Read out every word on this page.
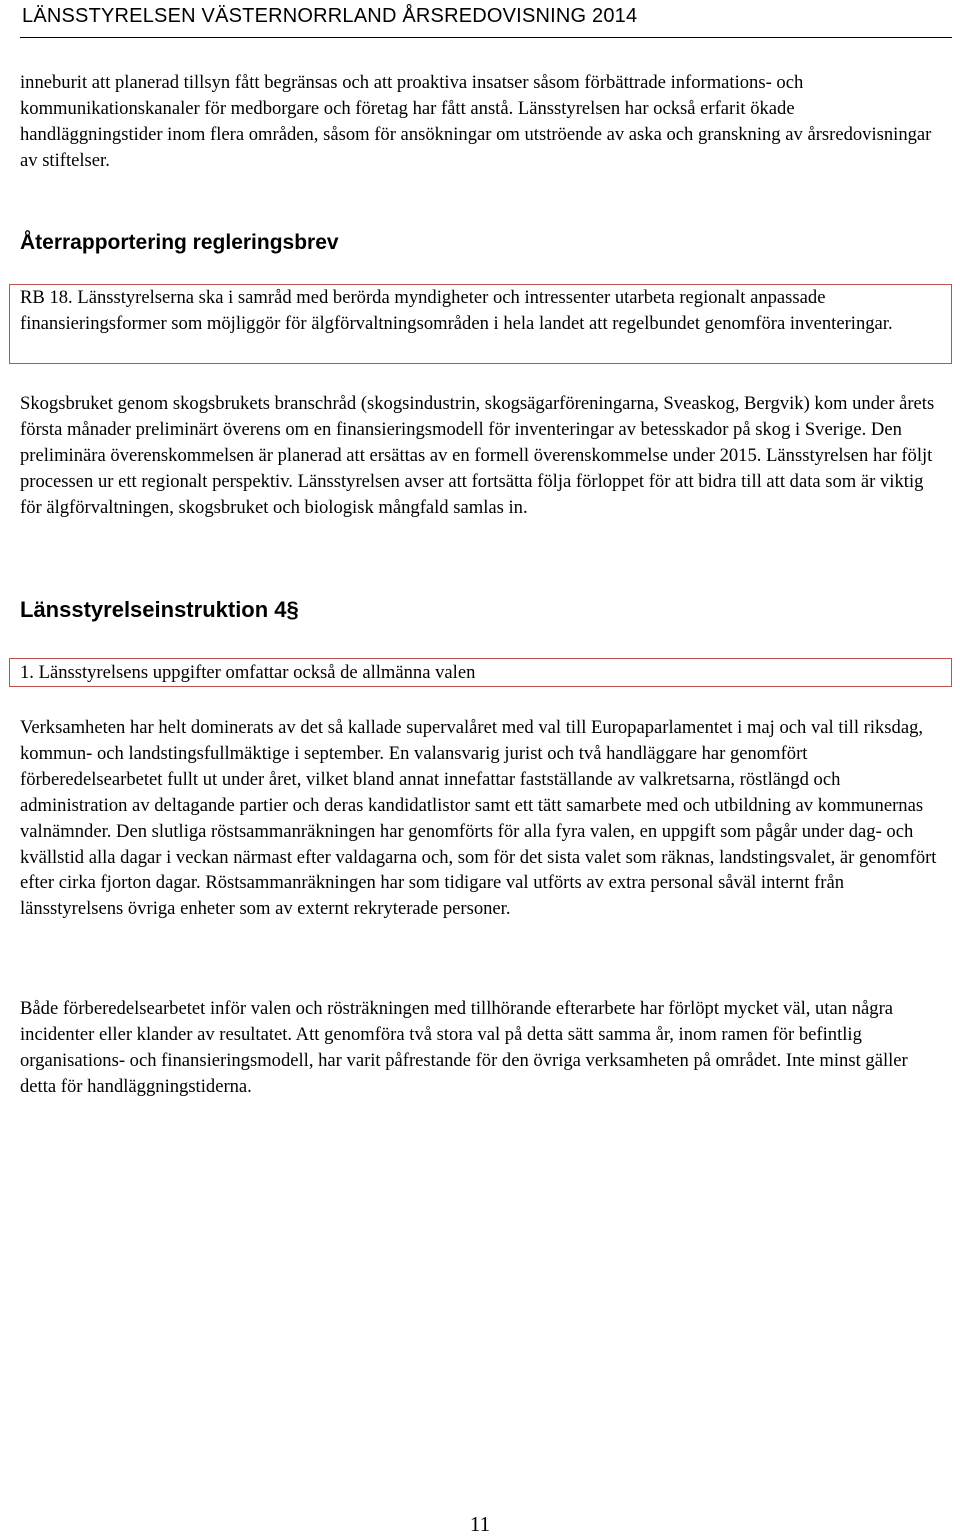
LÄNSSTYRELSEN VÄSTERNORRLAND ÅRSREDOVISNING 2014

inneburit att planerad tillsyn fått begränsas och att proaktiva insatser såsom förbättrade informations- och kommunikationskanaler för medborgare och företag har fått anstå. Länsstyrelsen har också erfarit ökade handläggningstider inom flera områden, såsom för ansökningar om utströende av aska och granskning av årsredovisningar av stiftelser.

Återrapportering regleringsbrev

RB 18. Länsstyrelserna ska i samråd med berörda myndigheter och intressenter utarbeta regionalt anpassade finansieringsformer som möjliggör för älgförvaltningsområden i hela landet att regelbundet genomföra inventeringar.

Skogsbruket genom skogsbrukets branschråd (skogsindustrin, skogsägarföreningarna, Sveaskog, Bergvik) kom under årets första månader preliminärt överens om en finansieringsmodell för inventeringar av betesskador på skog i Sverige. Den preliminära överenskommelsen är planerad att ersättas av en formell överenskommelse under 2015. Länsstyrelsen har följt processen ur ett regionalt perspektiv. Länsstyrelsen avser att fortsätta följa förloppet för att bidra till att data som är viktig för älgförvaltningen, skogsbruket och biologisk mångfald samlas in.

Länsstyrelseinstruktion 4§

1. Länsstyrelsens uppgifter omfattar också de allmänna valen

Verksamheten har helt dominerats av det så kallade supervalåret med val till Europaparlamentet i maj och val till riksdag, kommun- och landstingsfullmäktige i september. En valansvarig jurist och två handläggare har genomfört förberedelsearbetet fullt ut under året, vilket bland annat innefattar fastställande av valkretsarna, röstlängd och administration av deltagande partier och deras kandidatlistor samt ett tätt samarbete med och utbildning av kommunernas valnämnder. Den slutliga röstsammanräkningen har genomförts för alla fyra valen, en uppgift som pågår under dag- och kvällstid alla dagar i veckan närmast efter valdagarna och, som för det sista valet som räknas, landstingsvalet, är genomfört efter cirka fjorton dagar. Röstsammanräkningen har som tidigare val utförts av extra personal såväl internt från länsstyrelsens övriga enheter som av externt rekryterade personer.

Både förberedelsearbetet inför valen och rösträkningen med tillhörande efterarbete har förlöpt mycket väl, utan några incidenter eller klander av resultatet. Att genomföra två stora val på detta sätt samma år, inom ramen för befintlig organisations- och finansieringsmodell, har varit påfrestande för den övriga verksamheten på området. Inte minst gäller detta för handläggningstiderna.

11
